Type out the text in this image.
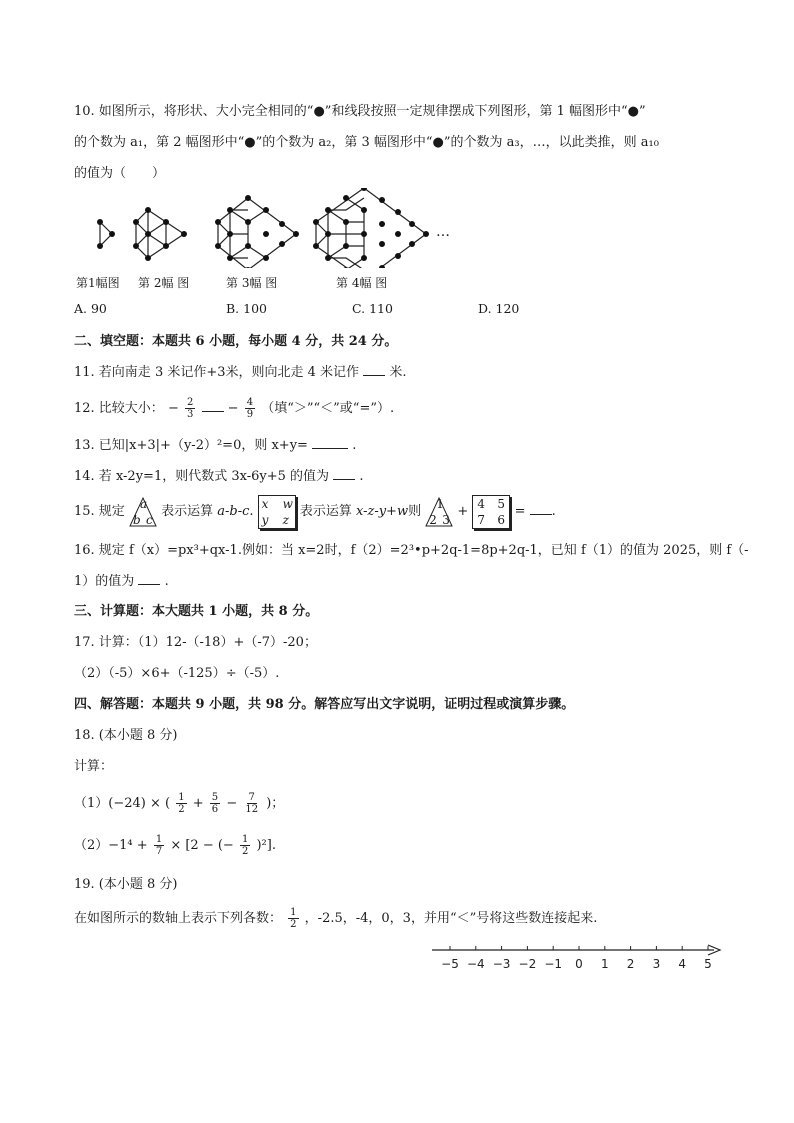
10. 如图所示，将形状、大小完全相同的“●”和线段按照一定规律摆成下列图形，第 1 幅图形中“●”
的个数为 a₁，第 2 幅图形中“●”的个数为 a₂，第 3 幅图形中“●”的个数为 a₃，…，以此类推，则 a₁₀
的值为（　　）
…
第1幅图 第 2幅 图	第 3幅 图	第 4幅 图
A. 90	B. 100	C. 110	D. 120
二、填空题：本题共 6 小题，每小题 4 分，共 24 分。
11. 若向南走 3 米记作+3米，则向北走 4 米记作 米.
12. 比较大小： − $\frac{2}{3} - \frac{4}{9}$ （填“＞”“＜”或“=”）.
13. 已知|x+3|+（y-2）²=0，则 x+y=	.
14. 若 x-2y=1，则代数式 3x-6y+5 的值为 .
15. 规定
a
b c
表示运算 a-b-c.
x w
y z
表示运算 x-z-y+w则
1
2 3
+
4 5
7 6
= .
16. 规定 f（x）=px³+qx-1.例如：当 x=2时，f（2）=2³•p+2q-1=8p+2q-1，已知 f（1）的值为 2025，则 f（-
1）的值为 .
三、计算题：本大题共 1 小题，共 8 分。
17. 计算：（1）12-（-18）+（-7）-20；
（2）（-5）×6+（-125）÷（-5）.
四、解答题：本题共 9 小题，共 98 分。解答应写出文字说明，证明过程或演算步骤。
18. (本小题 8 分)
计算：
（1）(−24) × ( $\frac{1}{2} + \frac{5}{6} - \frac{7}{12}$ )；
$(2)-1^4 + \frac{1}{7} \times [2$ − (− $\frac{1}{2} )^2$].
19. (本小题 8 分)
在如图所示的数轴上表示下列各数： $\frac{1}{2}$ ，-2.5，-4，0，3，并用“＜”号将这些数连接起来.
−5 −4 −3 −2 −1 0 1 2 3 4 5
